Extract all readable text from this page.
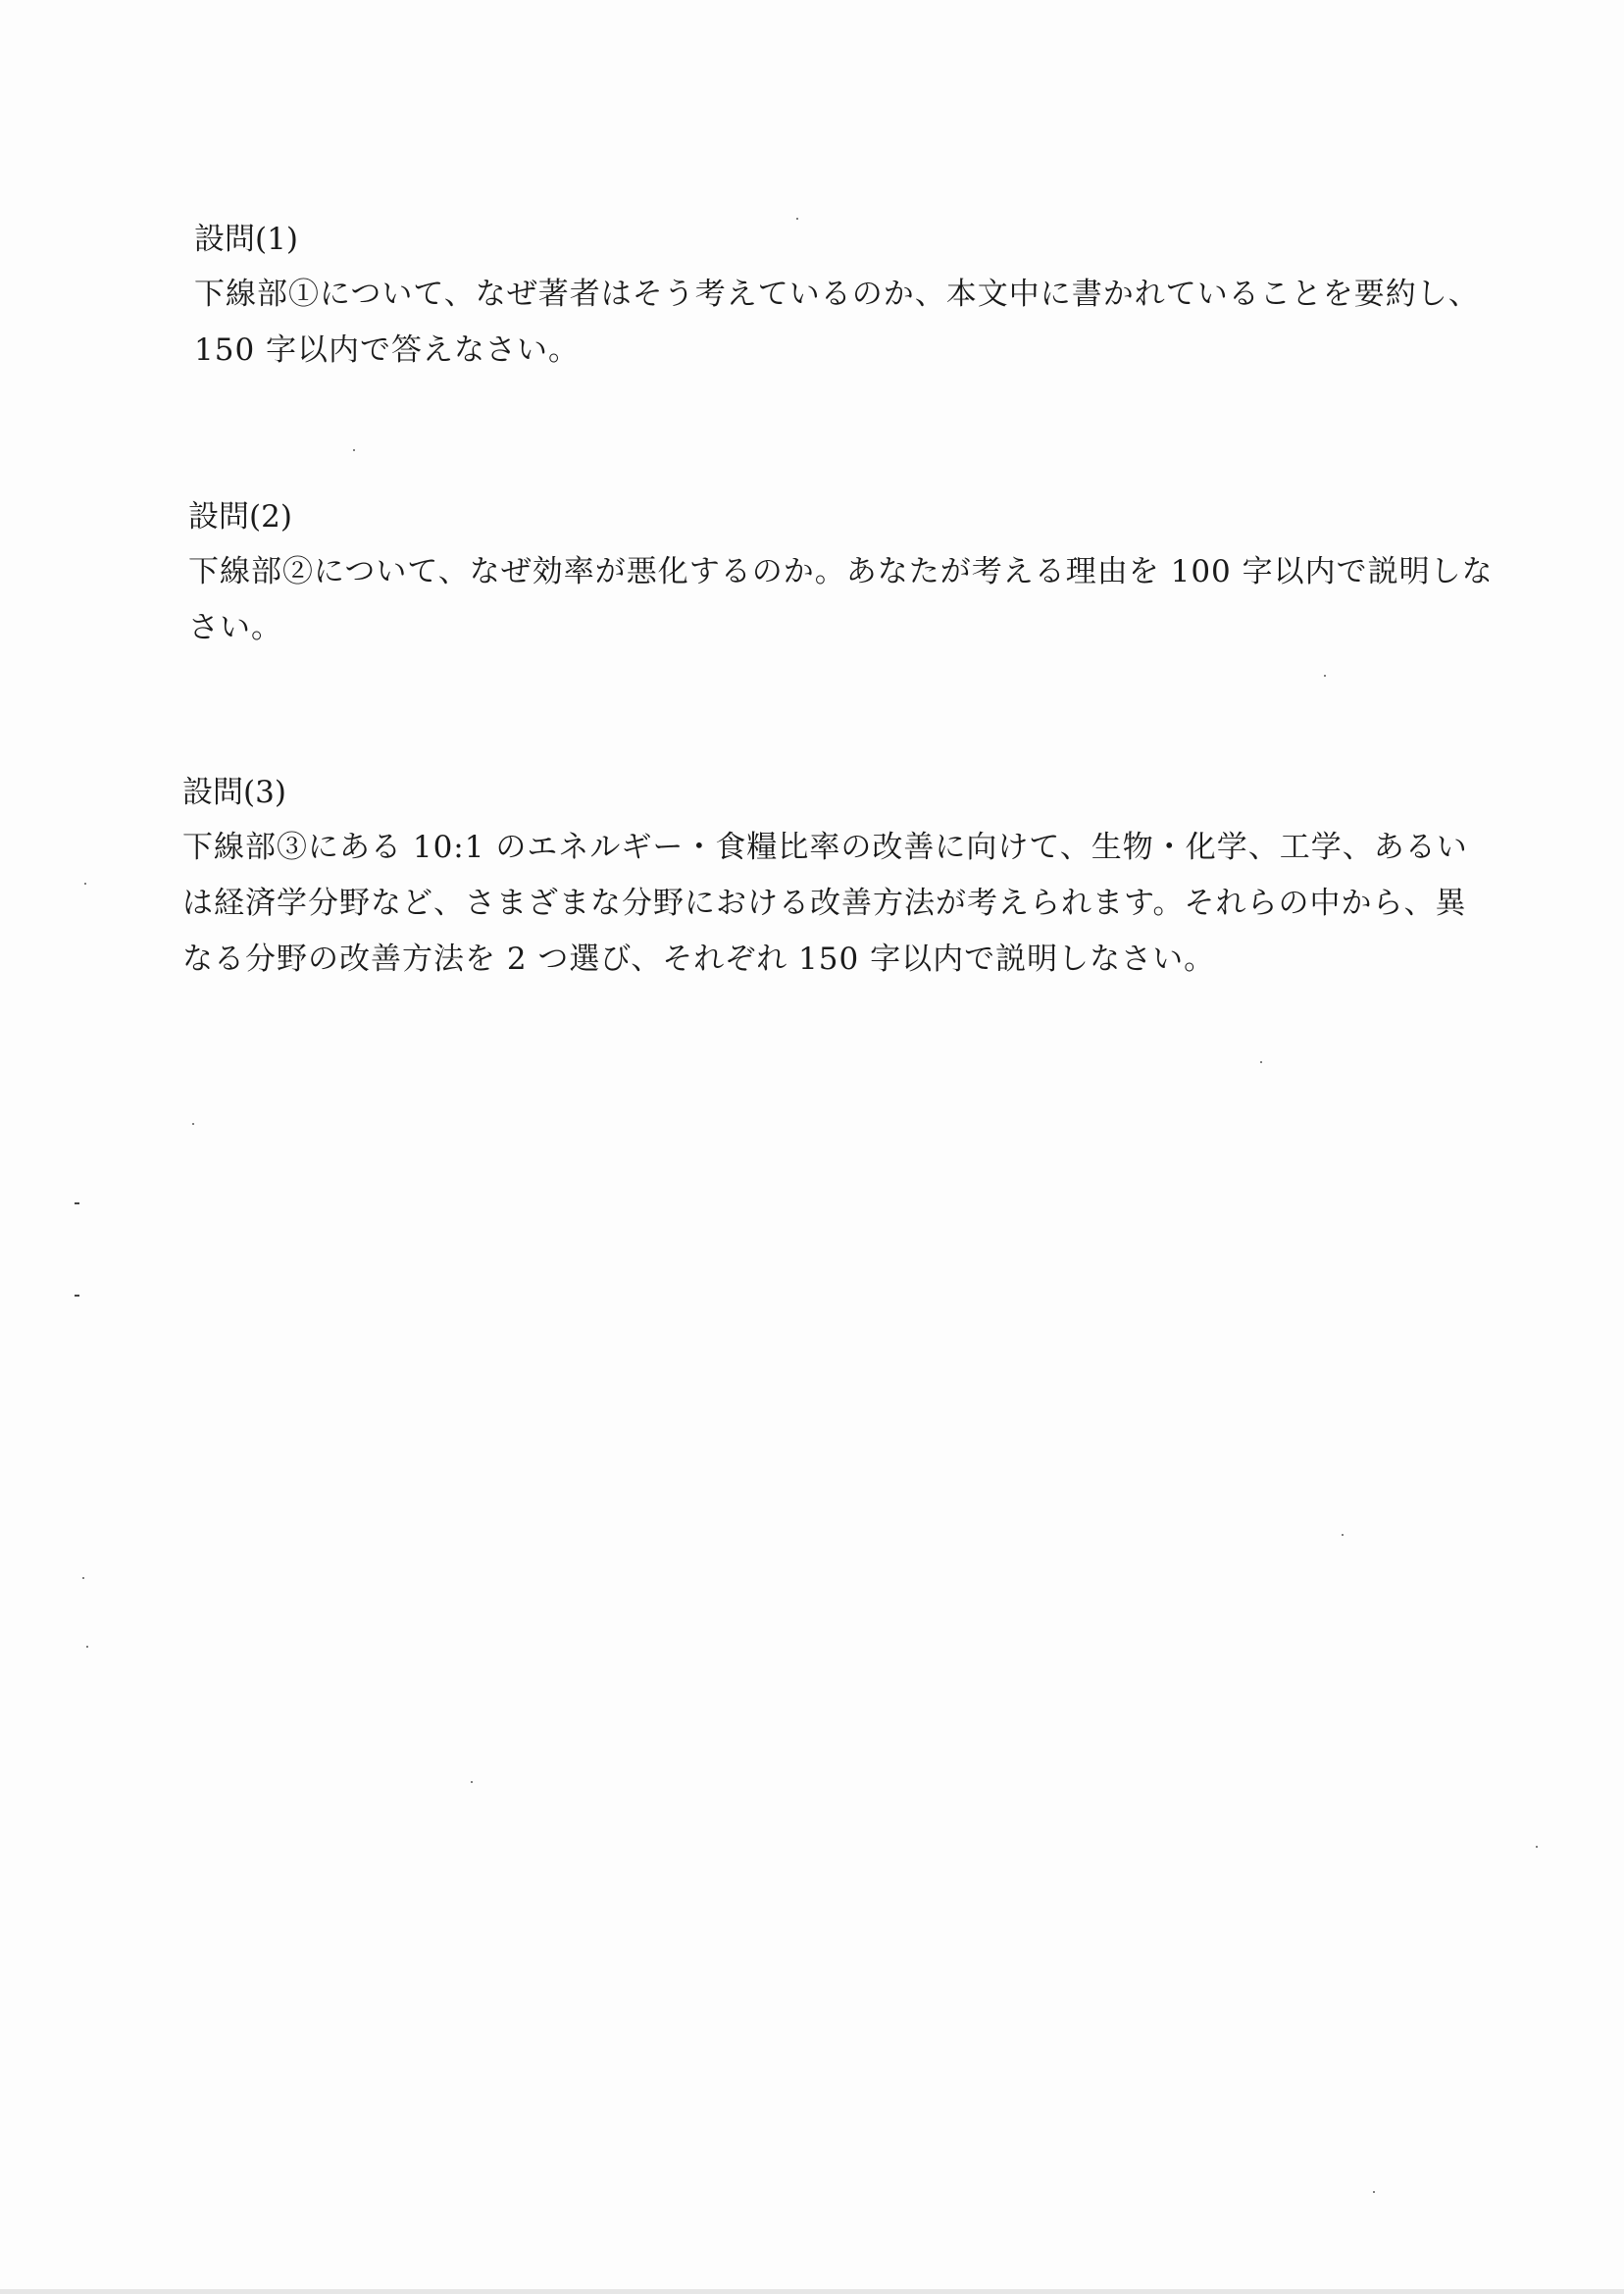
設問(1)

下線部①について、なぜ著者はそう考えているのか、本文中に書かれていることを要約し、
150 字以内で答えなさい。

設問(2)

下線部②について、なぜ効率が悪化するのか。あなたが考える理由を 100 字以内で説明しな
さい。

設問(3)

下線部③にある 10:1 のエネルギー・食糧比率の改善に向けて、生物・化学、工学、あるい
は経済学分野など、さまざまな分野における改善方法が考えられます。それらの中から、異
なる分野の改善方法を 2 つ選び、それぞれ 150 字以内で説明しなさい。
